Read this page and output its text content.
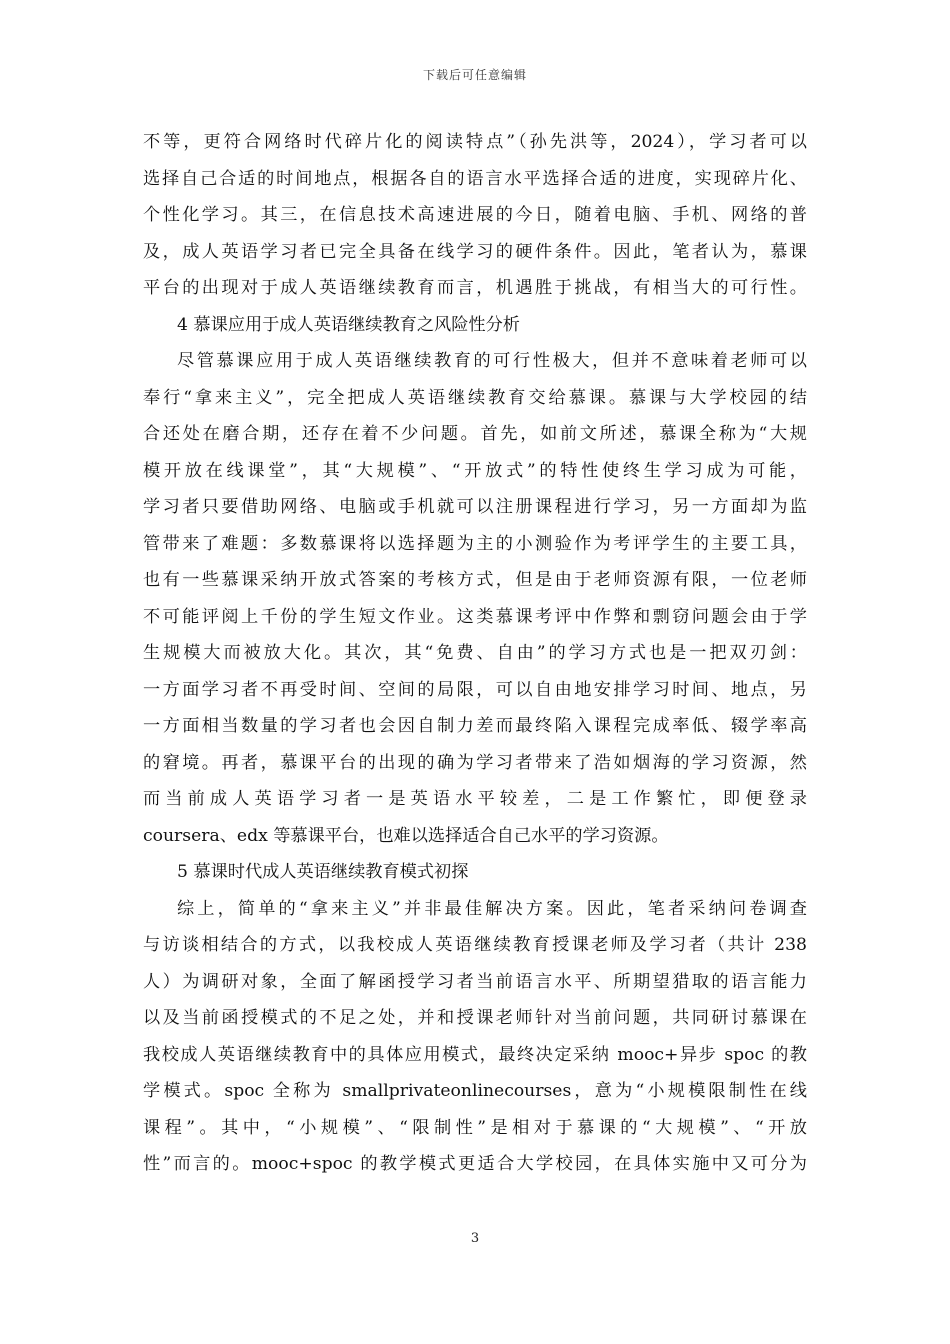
下载后可任意编辑
不等，更符合网络时代碎片化的阅读特点”（孙先洪等，2024），学习者可以
选择自己合适的时间地点，根据各自的语言水平选择合适的进度，实现碎片化、
个性化学习。其三，在信息技术高速进展的今日，随着电脑、手机、网络的普
及，成人英语学习者已完全具备在线学习的硬件条件。因此，笔者认为，慕课
平台的出现对于成人英语继续教育而言，机遇胜于挑战，有相当大的可行性。
4 慕课应用于成人英语继续教育之风险性分析
尽管慕课应用于成人英语继续教育的可行性极大，但并不意味着老师可以
奉行“拿来主义”，完全把成人英语继续教育交给慕课。慕课与大学校园的结
合还处在磨合期，还存在着不少问题。首先，如前文所述，慕课全称为“大规
模开放在线课堂”，其“大规模”、“开放式”的特性使终生学习成为可能，
学习者只要借助网络、电脑或手机就可以注册课程进行学习，另一方面却为监
管带来了难题：多数慕课将以选择题为主的小测验作为考评学生的主要工具，
也有一些慕课采纳开放式答案的考核方式，但是由于老师资源有限，一位老师
不可能评阅上千份的学生短文作业。这类慕课考评中作弊和剽窃问题会由于学
生规模大而被放大化。其次，其“免费、自由”的学习方式也是一把双刃剑：
一方面学习者不再受时间、空间的局限，可以自由地安排学习时间、地点，另
一方面相当数量的学习者也会因自制力差而最终陷入课程完成率低、辍学率高
的窘境。再者，慕课平台的出现的确为学习者带来了浩如烟海的学习资源，然
而当前成人英语学习者一是英语水平较差，二是工作繁忙，即便登录
coursera、edx 等慕课平台，也难以选择适合自己水平的学习资源。
5 慕课时代成人英语继续教育模式初探
综上，简单的“拿来主义”并非最佳解决方案。因此，笔者采纳问卷调查
与访谈相结合的方式，以我校成人英语继续教育授课老师及学习者（共计 238
人）为调研对象，全面了解函授学习者当前语言水平、所期望猎取的语言能力
以及当前函授模式的不足之处，并和授课老师针对当前问题，共同研讨慕课在
我校成人英语继续教育中的具体应用模式，最终决定采纳 mooc+异步 spoc 的教
学模式。spoc 全称为 smallprivateonlinecourses，意为“小规模限制性在线
课程”。其中，“小规模”、“限制性”是相对于慕课的“大规模”、“开放
性”而言的。mooc+spoc 的教学模式更适合大学校园，在具体实施中又可分为
3
